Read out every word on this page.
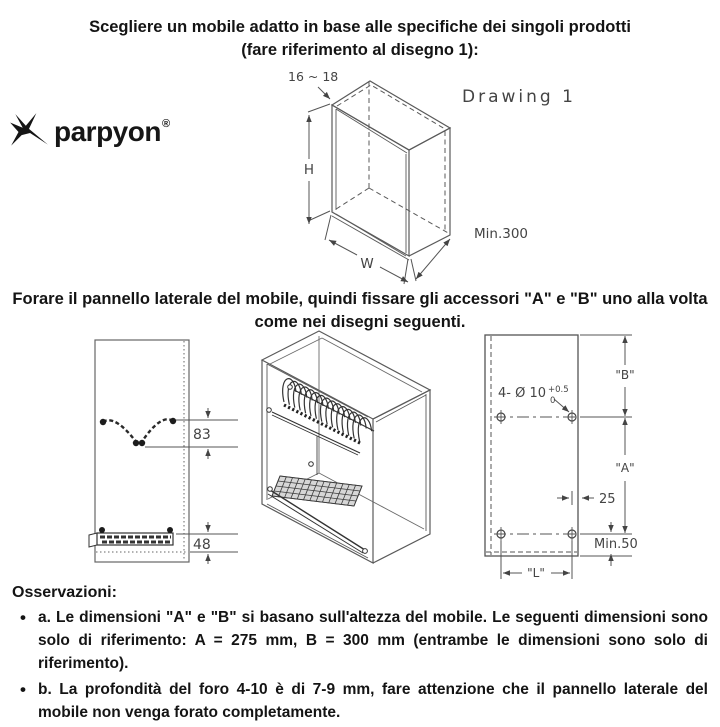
Scegliere un mobile adatto in base alle specifiche dei singoli prodotti
(fare riferimento al disegno 1):
parpyon®
16 ~ 18
H
W
Min.300
Drawing 1
Forare il pannello laterale del mobile, quindi fissare gli accessori "A" e "B" uno alla volta
come nei disegni seguenti.
83
48
4- Ø 10 +0.5
0
"B"
"A"
25
Min.50
"L"

Osservazioni:

• a. Le dimensioni "A" e "B" si basano sull'altezza del mobile. Le seguenti dimensioni sono solo di riferimento: A = 275 mm, B = 300 mm (entrambe le dimensioni sono solo di riferimento).
• b. La profondità del foro 4-10 è di 7-9 mm, fare attenzione che il pannello laterale del mobile non venga forato completamente.
